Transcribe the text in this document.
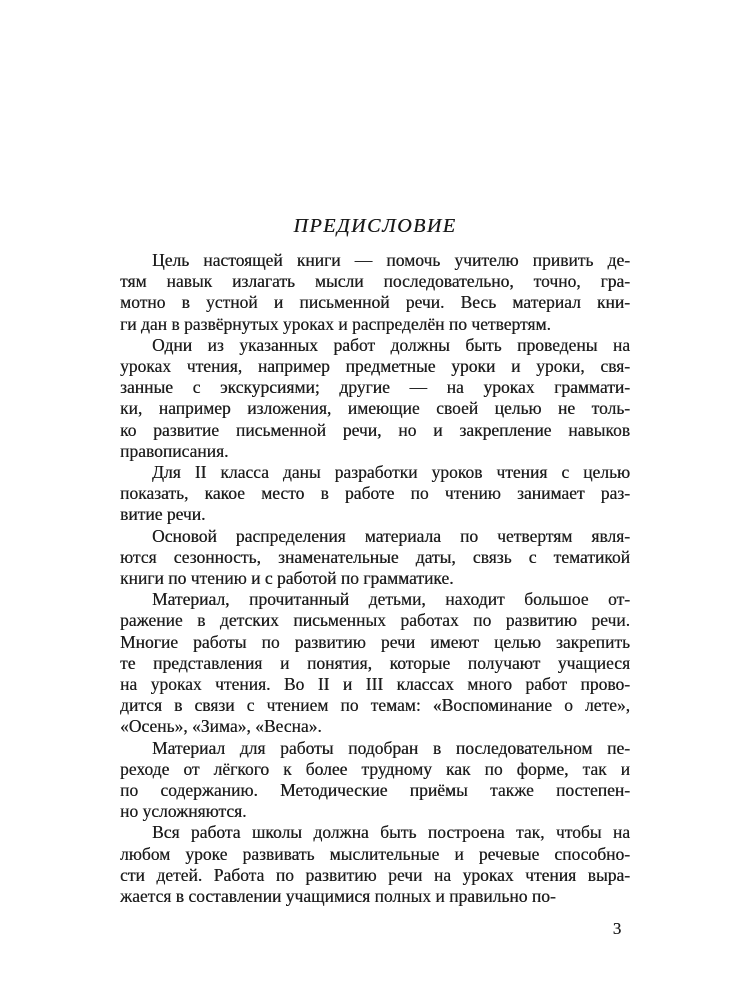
ПРЕДИСЛОВИЕ
Цель настоящей книги — помочь учителю привить де-
тям навык излагать мысли последовательно, точно, гра-
мотно в устной и письменной речи. Весь материал кни-
ги дан в развёрнутых уроках и распределён по четвертям.
Одни из указанных работ должны быть проведены на
уроках чтения, например предметные уроки и уроки, свя-
занные с экскурсиями; другие — на уроках граммати-
ки, например изложения, имеющие своей целью не толь-
ко развитие письменной речи, но и закрепление навыков
правописания.
Для II класса даны разработки уроков чтения с целью
показать, какое место в работе по чтению занимает раз-
витие речи.
Основой распределения материала по четвертям явля-
ются сезонность, знаменательные даты, связь с тематикой
книги по чтению и с работой по грамматике.
Материал, прочитанный детьми, находит большое от-
ражение в детских письменных работах по развитию речи.
Многие работы по развитию речи имеют целью закрепить
те представления и понятия, которые получают учащиеся
на уроках чтения. Во II и III классах много работ прово-
дится в связи с чтением по темам: «Воспоминание о лете»,
«Осень», «Зима», «Весна».
Материал для работы подобран в последовательном пе-
реходе от лёгкого к более трудному как по форме, так и
по содержанию. Методические приёмы также постепен-
но усложняются.
Вся работа школы должна быть построена так, чтобы на
любом уроке развивать мыслительные и речевые способно-
сти детей. Работа по развитию речи на уроках чтения выра-
жается в составлении учащимися полных и правильно по-
3
